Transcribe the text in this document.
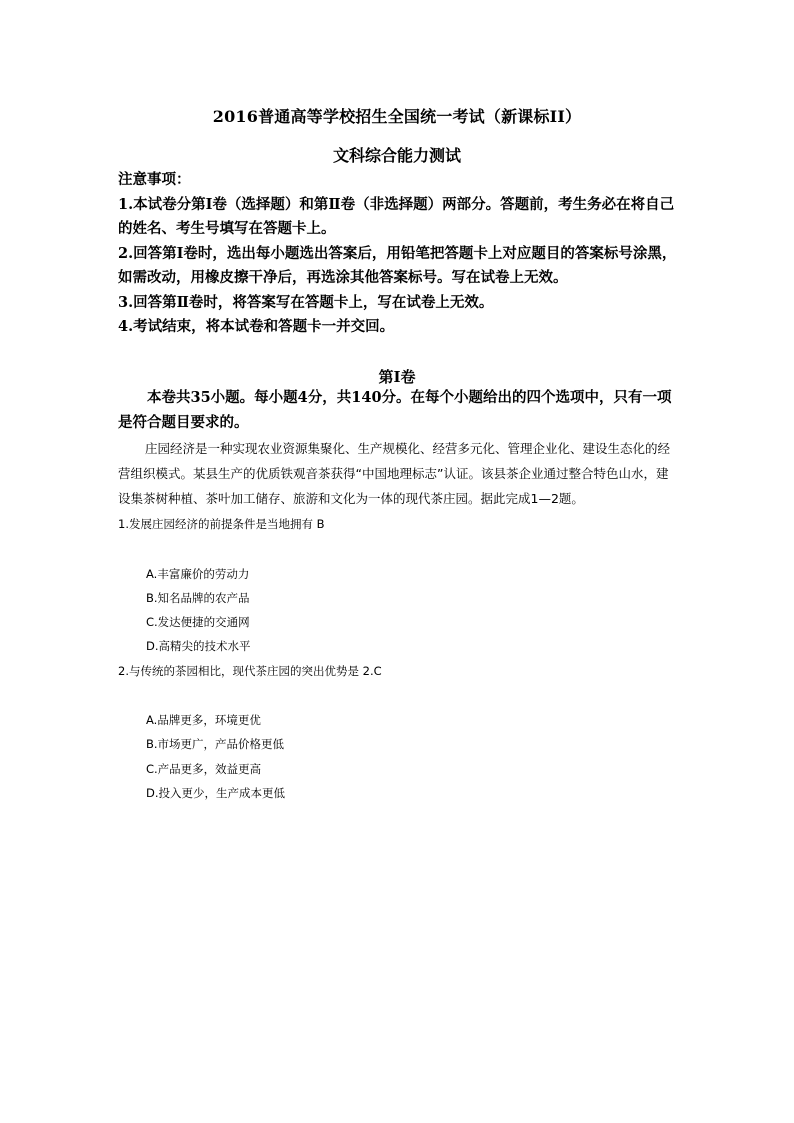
2016普通高等学校招生全国统一考试（新课标II）
文科综合能力测试

注意事项：

1.本试卷分第Ⅰ卷（选择题）和第Ⅱ卷（非选择题）两部分。答题前，考生务必在将自己的姓名、考生号填写在答题卡上。

2.回答第Ⅰ卷时，选出每小题选出答案后，用铅笔把答题卡上对应题目的答案标号涂黑，如需改动，用橡皮擦干净后，再选涂其他答案标号。写在试卷上无效。

3.回答第Ⅱ卷时，将答案写在答题卡上，写在试卷上无效。

4.考试结束，将本试卷和答题卡一并交回。

第Ⅰ卷
本卷共35小题。每小题4分，共140分。在每个小题给出的四个选项中，只有一项是符合题目要求的。
庄园经济是一种实现农业资源集聚化、生产规模化、经营多元化、管理企业化、建设生态化的经营组织模式。某县生产的优质铁观音茶获得“中国地理标志”认证。该县茶企业通过整合特色山水，建设集茶树种植、茶叶加工储存、旅游和文化为一体的现代茶庄园。据此完成1—2题。
1.发展庄园经济的前提条件是当地拥有 B
A.丰富廉价的劳动力
B.知名品牌的农产品
C.发达便捷的交通网
D.高精尖的技术水平
2.与传统的茶园相比，现代茶庄园的突出优势是 2.C
A.品牌更多，环境更优
B.市场更广，产品价格更低
C.产品更多，效益更高
D.投入更少，生产成本更低
